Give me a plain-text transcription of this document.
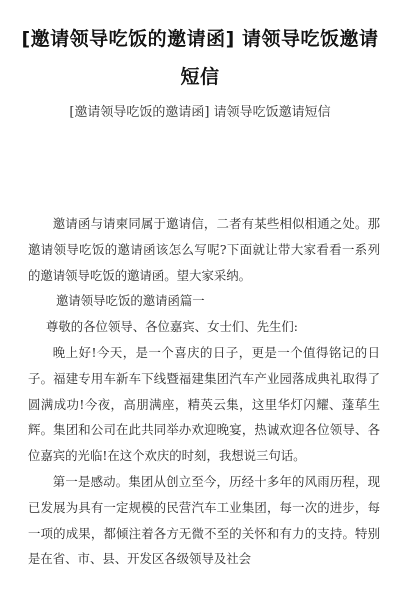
[邀请领导吃饭的邀请函] 请领导吃饭邀请短信
[邀请领导吃饭的邀请函] 请领导吃饭邀请短信

邀请函与请柬同属于邀请信，二者有某些相似相通之处。那邀请领导吃饭的邀请函该怎么写呢?下面就让带大家看看一系列的邀请领导吃饭的邀请函。望大家采纳。

邀请领导吃饭的邀请函篇一

尊敬的各位领导、各位嘉宾、女士们、先生们:

晚上好!今天，是一个喜庆的日子，更是一个值得铭记的日子。福建专用车新车下线暨福建集团汽车产业园落成典礼取得了圆满成功!今夜，高朋满座，精英云集，这里华灯闪耀、蓬荜生辉。集团和公司在此共同举办欢迎晚宴，热诚欢迎各位领导、各位嘉宾的光临!在这个欢庆的时刻，我想说三句话。

第一是感动。集团从创立至今，历经十多年的风雨历程，现已发展为具有一定规模的民营汽车工业集团，每一次的进步，每一项的成果，都倾注着各方无微不至的关怀和有力的支持。特别是在省、市、县、开发区各级领导及社会
